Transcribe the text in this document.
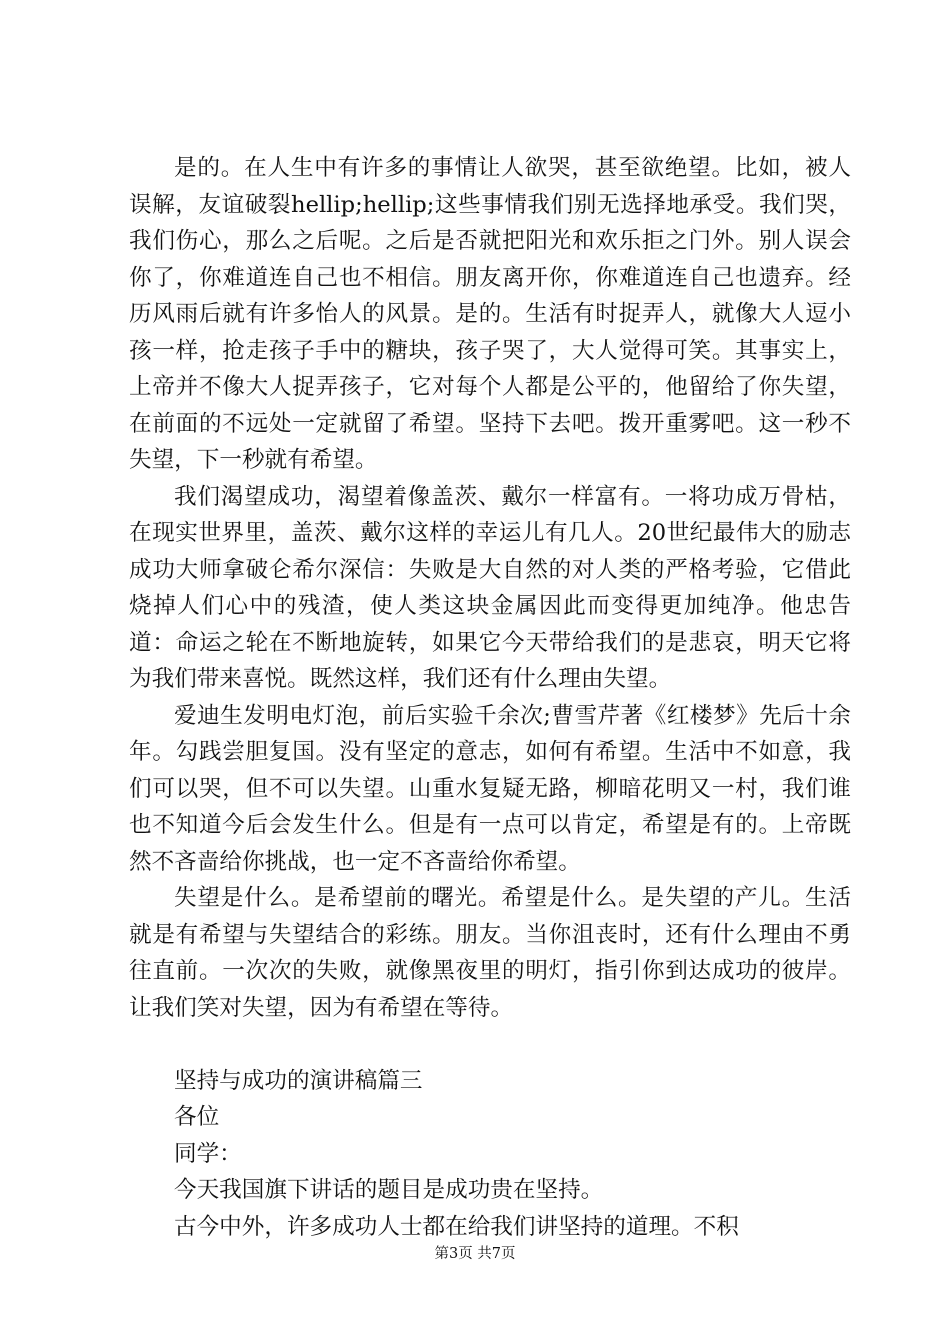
是的。在人生中有许多的事情让人欲哭，甚至欲绝望。比如，被人误解，友谊破裂hellip;hellip;这些事情我们别无选择地承受。我们哭，我们伤心，那么之后呢。之后是否就把阳光和欢乐拒之门外。别人误会你了，你难道连自己也不相信。朋友离开你，你难道连自己也遗弃。经历风雨后就有许多怡人的风景。是的。生活有时捉弄人，就像大人逗小孩一样，抢走孩子手中的糖块，孩子哭了，大人觉得可笑。其事实上，上帝并不像大人捉弄孩子，它对每个人都是公平的，他留给了你失望，在前面的不远处一定就留了希望。坚持下去吧。拨开重雾吧。这一秒不失望，下一秒就有希望。

我们渴望成功，渴望着像盖茨、戴尔一样富有。一将功成万骨枯，在现实世界里，盖茨、戴尔这样的幸运儿有几人。20世纪最伟大的励志成功大师拿破仑希尔深信：失败是大自然的对人类的严格考验，它借此烧掉人们心中的残渣，使人类这块金属因此而变得更加纯净。他忠告道：命运之轮在不断地旋转，如果它今天带给我们的是悲哀，明天它将为我们带来喜悦。既然这样，我们还有什么理由失望。

爱迪生发明电灯泡，前后实验千余次;曹雪芹著《红楼梦》先后十余年。勾践尝胆复国。没有坚定的意志，如何有希望。生活中不如意，我们可以哭，但不可以失望。山重水复疑无路，柳暗花明又一村，我们谁也不知道今后会发生什么。但是有一点可以肯定，希望是有的。上帝既然不吝啬给你挑战，也一定不吝啬给你希望。

失望是什么。是希望前的曙光。希望是什么。是失望的产儿。生活就是有希望与失望结合的彩练。朋友。当你沮丧时，还有什么理由不勇往直前。一次次的失败，就像黑夜里的明灯，指引你到达成功的彼岸。让我们笑对失望，因为有希望在等待。

坚持与成功的演讲稿篇三

各位

同学：

今天我国旗下讲话的题目是成功贵在坚持。

古今中外，许多成功人士都在给我们讲坚持的道理。不积

第3页 共7页
